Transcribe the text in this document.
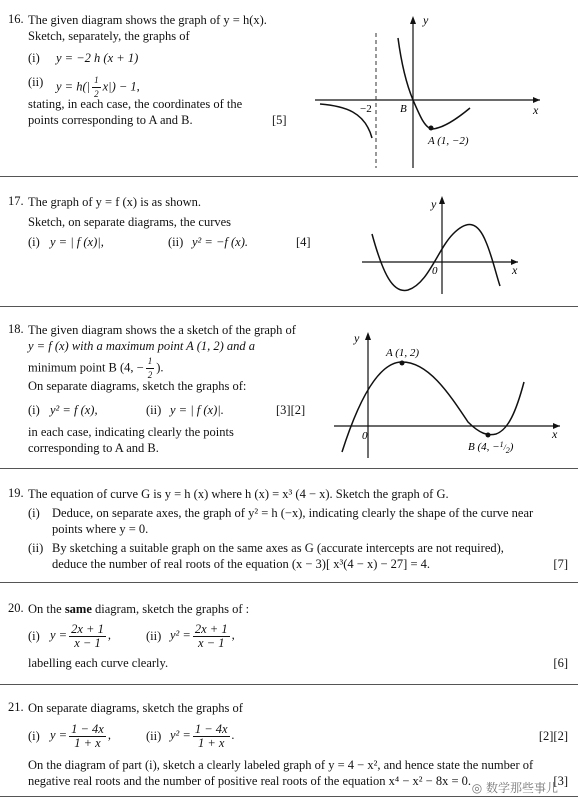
16. The given diagram shows the graph of y = h(x).
Sketch, separately, the graphs of
(i) y = −2 h (x + 1)
(ii) $y = h(| \frac{1}{2} x|) - 1$,
stating, in each case, the coordinates of the
points corresponding to A and B.	[5]
y
x
−2	B
A (1, −2)
17. The graph of y = f (x) is as shown.
Sketch, on separate diagrams, the curves
(i) y = | f (x)|,	(ii) y² = −f (x).	[4]
y
x
0
18. The given diagram shows the a sketch of the graph of
y = f (x) with a maximum point A (1, 2) and a
minimum point B (4, − $\frac{1}{2}$ ).
On separate diagrams, sketch the graphs of:
(i) y² = f (x),	(ii) y = | f (x)|.	[3][2]
in each case, indicating clearly the points
corresponding to A and B.
y
x
0
A (1, 2)
B (4, −$^1_{/2}$)
19. The equation of curve G is y = h (x) where h (x) = x³ (4 − x). Sketch the graph of G.
(i) Deduce, on separate axes, the graph of y² = h (−x), indicating clearly the shape of the curve near
points where y = 0.
(ii) By sketching a suitable graph on the same axes as G (accurate intercepts are not required),
deduce the number of real roots of the equation (x − 3)[ x³(4 − x) − 27] = 4.	[7]
20. On the same diagram, sketch the graphs of :
(i) $y = \frac{2x + 1}{x - 1}$ ,	(ii) $y^2 = \frac{2x + 1}{x - 1}$ ,
labelling each curve clearly.	[6]
21. On separate diagrams, sketch the graphs of
(i) $y = \frac{1 - 4x}{1 + x}$ ,	(ii) $y^2 = \frac{1 - 4x}{1 + x}$ .	[2][2]
On the diagram of part (i), sketch a clearly labeled graph of y = 4 − x², and hence state the number of
negative real roots and the number of positive real roots of the equation x⁴ − x² − 8x = 0.	[3]
◎ 数学那些事儿
